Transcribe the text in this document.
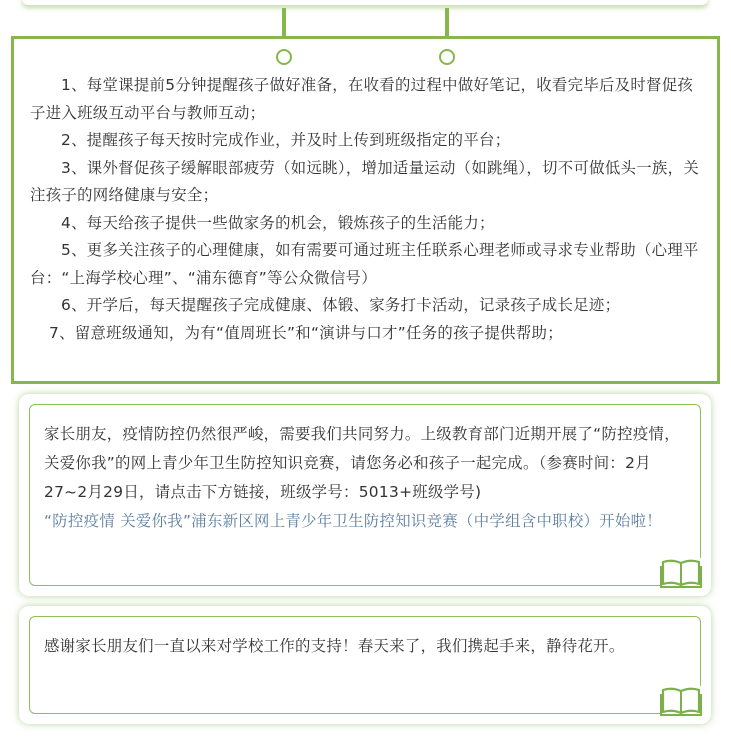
1、每堂课提前5分钟提醒孩子做好准备，在收看的过程中做好笔记，收看完毕后及时督促孩子进入班级互动平台与教师互动；

2、提醒孩子每天按时完成作业，并及时上传到班级指定的平台；

3、课外督促孩子缓解眼部疲劳（如远眺），增加适量运动（如跳绳），切不可做低头一族，关注孩子的网络健康与安全；

4、每天给孩子提供一些做家务的机会，锻炼孩子的生活能力；

5、更多关注孩子的心理健康，如有需要可通过班主任联系心理老师或寻求专业帮助（心理平台：“上海学校心理”、“浦东德育”等公众微信号）

6、开学后，每天提醒孩子完成健康、体锻、家务打卡活动，记录孩子成长足迹；

7、留意班级通知，为有“值周班长”和“演讲与口才”任务的孩子提供帮助；

家长朋友，疫情防控仍然很严峻，需要我们共同努力。上级教育部门近期开展了“防控疫情，关爱你我”的网上青少年卫生防控知识竞赛，请您务必和孩子一起完成。（参赛时间：2月27~2月29日，请点击下方链接，班级学号：5013+班级学号)

“防控疫情 关爱你我”浦东新区网上青少年卫生防控知识竞赛（中学组含中职校）开始啦！

感谢家长朋友们一直以来对学校工作的支持！春天来了，我们携起手来，静待花开。
